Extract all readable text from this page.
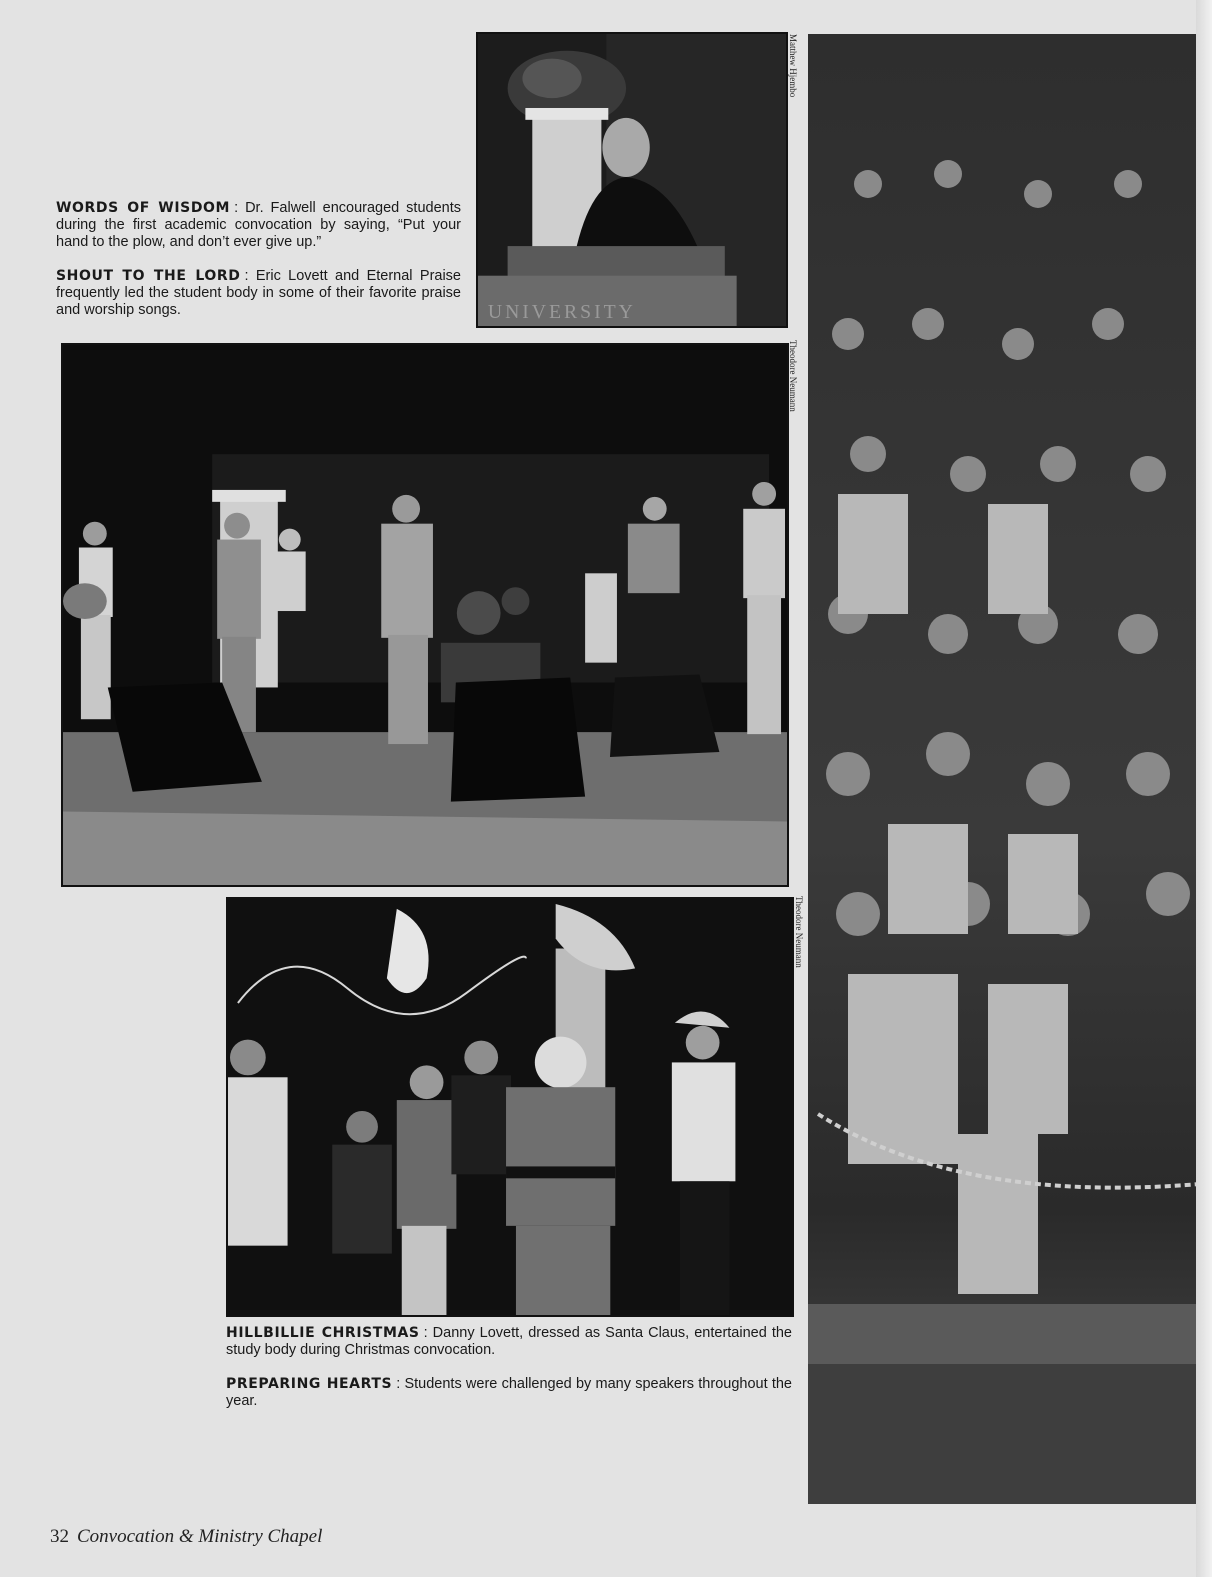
WORDS OF WISDOM : Dr. Falwell encouraged students during the first academic convocation by saying, “Put your hand to the plow, and don’t ever give up.”

SHOUT TO THE LORD : Eric Lovett and Eternal Praise frequently led the student body in some of their favorite praise and worship songs.	UNIVERSITY
Matthew Hjembo
Theodore Neumann
Theodore Neumann

HILLBILLIE CHRISTMAS : Danny Lovett, dressed as Santa Claus, entertained the study body during Christmas convocation.

PREPARING HEARTS : Students were challenged by many speakers throughout the year.

32 Convocation & Ministry Chapel
